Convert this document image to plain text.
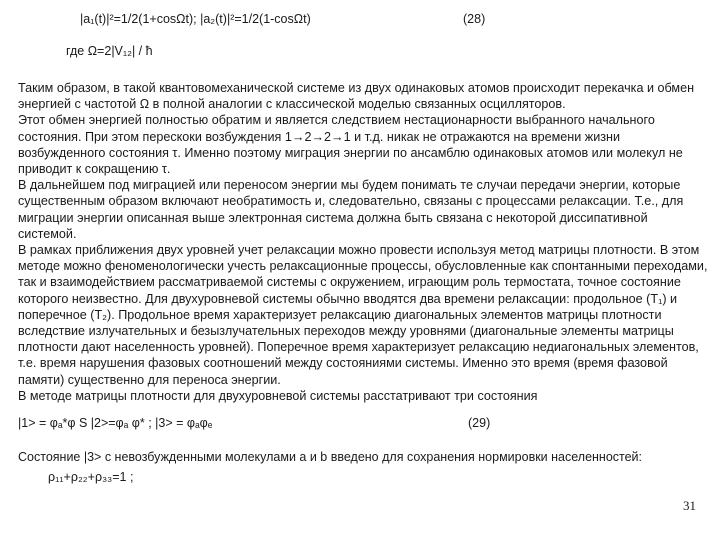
|a₁(t)|²=1/2(1+cosΩt); |a₂(t)|²=1/2(1-cosΩt)	(28)
где Ω=2|V₁₂| / ħ

Таким образом, в такой квантовомеханической системе из двух одинаковых атомов происходит перекачка и обмен энергией с частотой Ω в полной аналогии с классической моделью связанных осцилляторов.

Этот обмен энергией полностью обратим и является следствием нестационарности выбранного начального состояния. При этом перескоки возбуждения 1→2→2→1 и т.д. никак не отражаются на времени жизни возбужденного состояния τ. Именно поэтому миграция энергии по ансамблю одинаковых атомов или молекул не приводит к сокращению τ.

В дальнейшем под миграцией или переносом энергии мы будем понимать те случаи передачи энергии, которые существенным образом включают необратимость и, следовательно, связаны с процессами релаксации. Т.е., для миграции энергии описанная выше электронная система должна быть связана с некоторой диссипативной системой.

В рамках приближения двух уровней учет релаксации можно провести используя метод матрицы плотности. В этом методе можно феноменологически учесть релаксационные процессы, обусловленные как спонтанными переходами, так и взаимодействием рассматриваемой системы с окружением, играющим роль термостата, точное состояние которого неизвестно. Для двухуровневой системы обычно вводятся два времени релаксации: продольное (T₁) и поперечное (T₂). Продольное время характеризует релаксацию диагональных элементов матрицы плотности вследствие излучательных и безызлучательных переходов между уровнями (диагональные элементы матрицы плотности дают населенность уровней). Поперечное время характеризует релаксацию недиагональных элементов, т.е. время нарушения фазовых соотношений между состояниями системы. Именно это время (время фазовой памяти) существенно для переноса энергии.

В методе матрицы плотности для двухуровневой системы расстатривают три состояния

|1> = φₐ*φ S |2>=φₐ φ* ; |3> = φₐφₑ	(29)
Состояние |3> с невозбужденными молекулами a и b введено для сохранения нормировки населенностей:
ρ₁₁+ρ₂₂+ρ₃₃=1 ;
31
